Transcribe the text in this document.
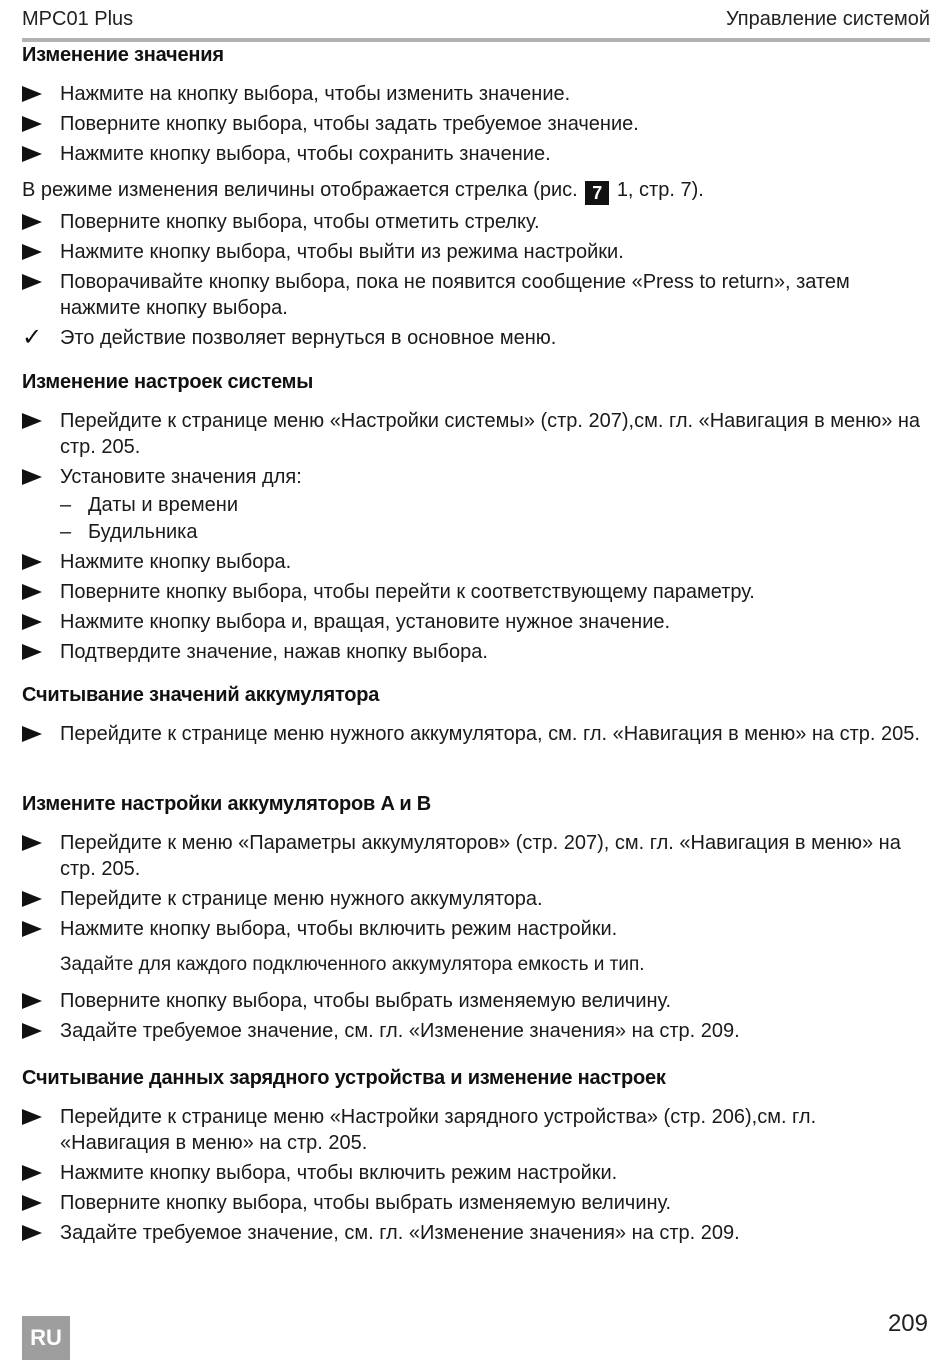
MPC01 Plus	Управление системой
Изменение значения
Нажмите на кнопку выбора, чтобы изменить значение.
Поверните кнопку выбора, чтобы задать требуемое значение.
Нажмите кнопку выбора, чтобы сохранить значение.
В режиме изменения величины отображается стрелка (рис. 7 1, стр. 7).
Поверните кнопку выбора, чтобы отметить стрелку.
Нажмите кнопку выбора, чтобы выйти из режима настройки.
Поворачивайте кнопку выбора, пока не появится сообщение «Press to return», затем нажмите кнопку выбора.
✓ Это действие позволяет вернуться в основное меню.
Изменение настроек системы
Перейдите к странице меню «Настройки системы» (стр. 207),см. гл. «Навигация в меню» на стр. 205.
Установите значения для:
– Даты и времени
– Будильника
Нажмите кнопку выбора.
Поверните кнопку выбора, чтобы перейти к соответствующему параметру.
Нажмите кнопку выбора и, вращая, установите нужное значение.
Подтвердите значение, нажав кнопку выбора.
Считывание значений аккумулятора
Перейдите к странице меню нужного аккумулятора, см. гл. «Навигация в меню» на стр. 205.
Измените настройки аккумуляторов A и B
Перейдите к меню «Параметры аккумуляторов» (стр. 207), см. гл. «Навигация в меню» на стр. 205.
Перейдите к странице меню нужного аккумулятора.
Нажмите кнопку выбора, чтобы включить режим настройки.
Задайте для каждого подключенного аккумулятора емкость и тип.
Поверните кнопку выбора, чтобы выбрать изменяемую величину.
Задайте требуемое значение, см. гл. «Изменение значения» на стр. 209.
Считывание данных зарядного устройства и изменение настроек
Перейдите к странице меню «Настройки зарядного устройства» (стр. 206),см. гл. «Навигация в меню» на стр. 205.
Нажмите кнопку выбора, чтобы включить режим настройки.
Поверните кнопку выбора, чтобы выбрать изменяемую величину.
Задайте требуемое значение, см. гл. «Изменение значения» на стр. 209.
RU
209
